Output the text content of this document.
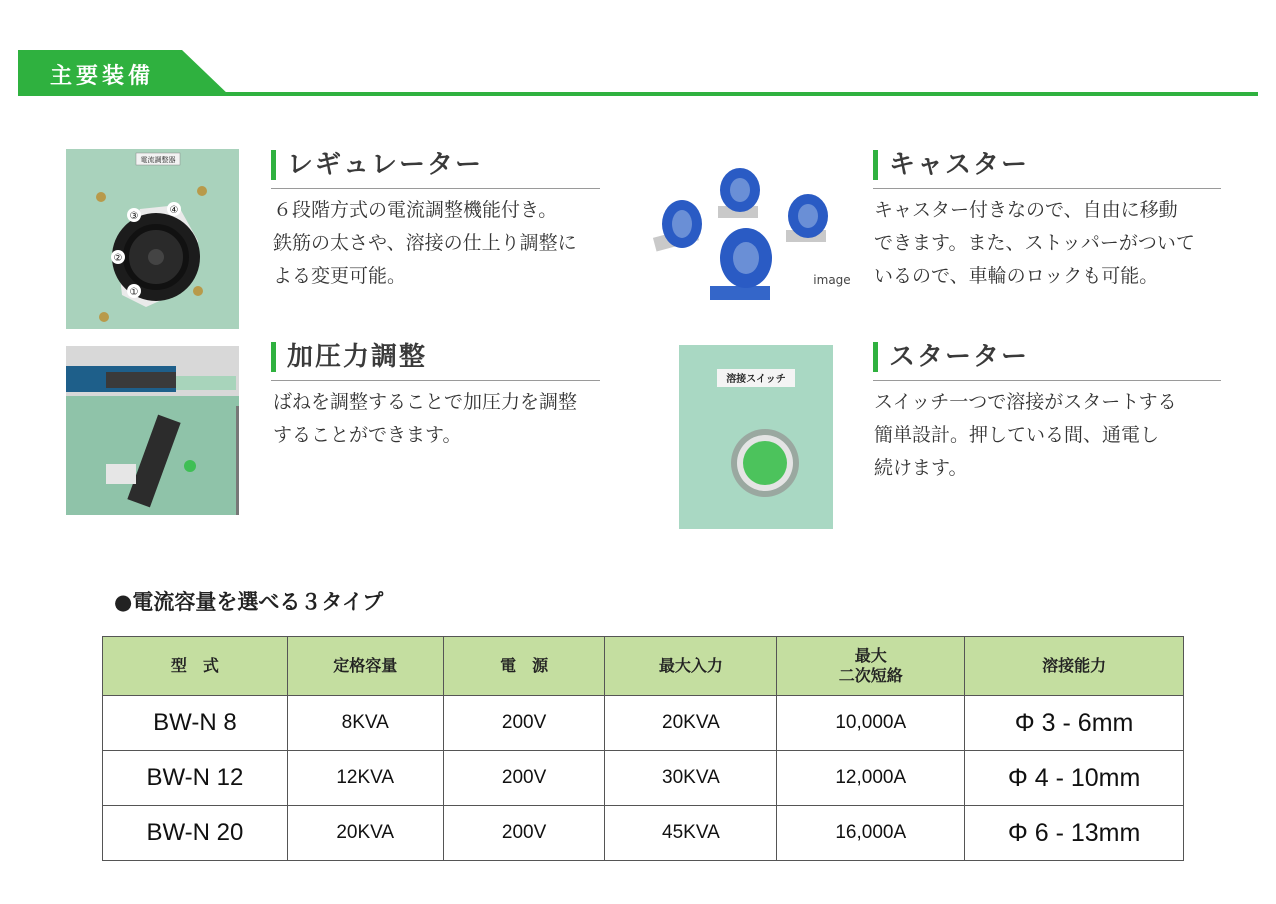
主要装備
電流調整器
③
②
①
④
レギュレーター
６段階方式の電流調整機能付き。
鉄筋の太さや、溶接の仕上り調整に
よる変更可能。	image
キャスター
キャスター付きなので、自由に移動
できます。また、ストッパーがついて
いるので、車輪のロックも可能。
加圧力調整
ばねを調整することで加圧力を調整
することができます。
溶接スイッチ
スターター
スイッチ一つで溶接がスタートする
簡単設計。押している間、通電し
続けます。
●電流容量を選べる３タイプ
型　式	定格容量	電　源	最大入力	最大
二次短絡	溶接能力
BW-N 8	8KVA	200V	20KVA	10,000A	Φ 3 - 6mm
BW-N 12	12KVA	200V	30KVA	12,000A	Φ 4 - 10mm
BW-N 20	20KVA	200V	45KVA	16,000A	Φ 6 - 13mm
